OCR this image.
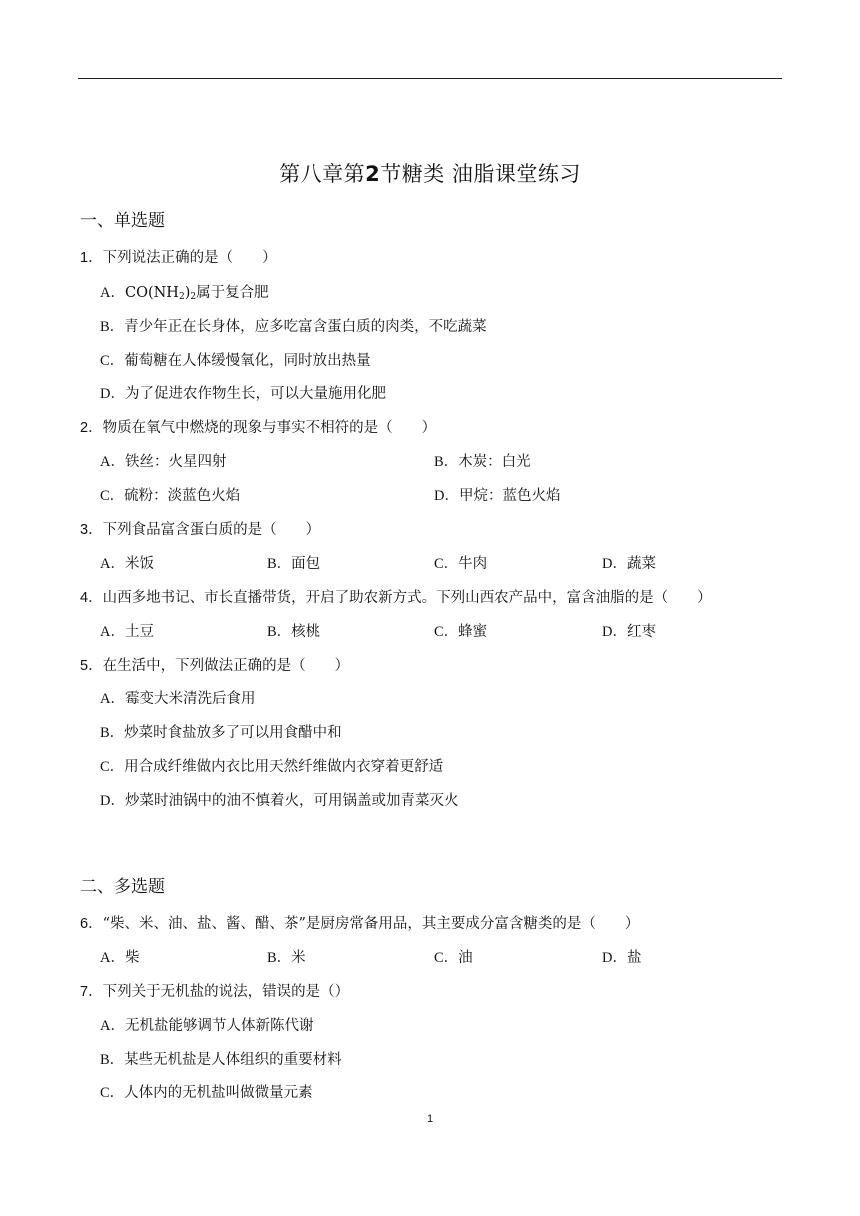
第八章第2节糖类 油脂课堂练习
一、单选题
1．下列说法正确的是（　　）
A．$CO(NH_2)_2$属于复合肥
B．青少年正在长身体，应多吃富含蛋白质的肉类，不吃蔬菜
C．葡萄糖在人体缓慢氧化，同时放出热量
D．为了促进农作物生长，可以大量施用化肥
2．物质在氧气中燃烧的现象与事实不相符的是（　　）
A．铁丝：火星四射	B．木炭：白光
C．硫粉：淡蓝色火焰	D．甲烷：蓝色火焰
3．下列食品富含蛋白质的是（　　）
A．米饭	B．面包	C．牛肉	D．蔬菜
4．山西多地书记、市长直播带货，开启了助农新方式。下列山西农产品中，富含油脂的是（　　）
A．土豆	B．核桃	C．蜂蜜	D．红枣
5．在生活中，下列做法正确的是（　　）
A．霉变大米清洗后食用
B．炒菜时食盐放多了可以用食醋中和
C．用合成纤维做内衣比用天然纤维做内衣穿着更舒适
D．炒菜时油锅中的油不慎着火，可用锅盖或加青菜灭火
二、多选题
6．“柴、米、油、盐、酱、醋、茶”是厨房常备用品，其主要成分富含糖类的是（　　）
A．柴	B．米	C．油	D．盐
7．下列关于无机盐的说法，错误的是（）
A．无机盐能够调节人体新陈代谢
B．某些无机盐是人体组织的重要材料
C．人体内的无机盐叫做微量元素
1
